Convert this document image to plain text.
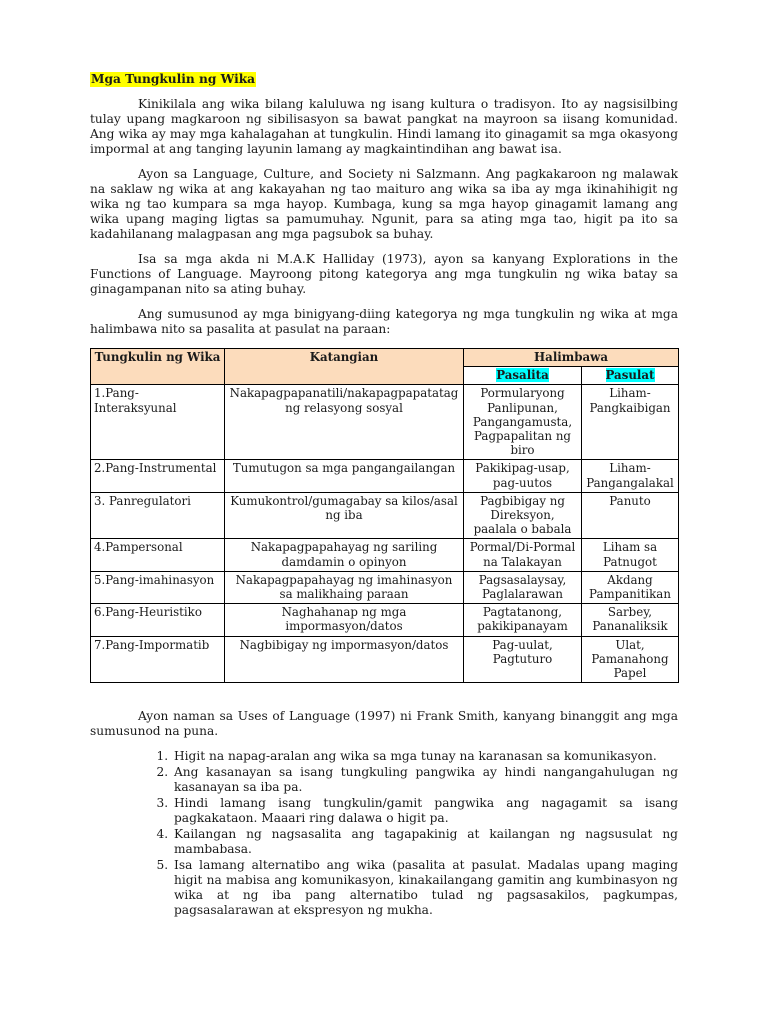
Mga Tungkulin ng Wika

Kinikilala ang wika bilang kaluluwa ng isang kultura o tradisyon. Ito ay nagsisilbing tulay upang magkaroon ng sibilisasyon sa bawat pangkat na mayroon sa iisang komunidad. Ang wika ay may mga kahalagahan at tungkulin. Hindi lamang ito ginagamit sa mga okasyong impormal at ang tanging layunin lamang ay magkaintindihan ang bawat isa.

Ayon sa Language, Culture, and Society ni Salzmann. Ang pagkakaroon ng malawak na saklaw ng wika at ang kakayahan ng tao maituro ang wika sa iba ay mga ikinahihigit ng wika ng tao kumpara sa mga hayop. Kumbaga, kung sa mga hayop ginagamit lamang ang wika upang maging ligtas sa pamumuhay. Ngunit, para sa ating mga tao, higit pa ito sa kadahilanang malagpasan ang mga pagsubok sa buhay.

Isa sa mga akda ni M.A.K Halliday (1973), ayon sa kanyang Explorations in the Functions of Language. Mayroong pitong kategorya ang mga tungkulin ng wika batay sa ginagampanan nito sa ating buhay.

Ang sumusunod ay mga binigyang-diing kategorya ng mga tungkulin ng wika at mga halimbawa nito sa pasalita at pasulat na paraan:

Tungkulin ng Wika	Katangian	Halimbawa	
		Pasalita	Pasulat
1.Pang-Interaksyunal	Nakapagpapanatili/nakapagpapatatag ng relasyong sosyal	Pormularyong Panlipunan, Pangangamusta, Pagpapalitan ng biro	Liham-Pangkaibigan
2.Pang-Instrumental	Tumutugon sa mga pangangailangan	Pakikipag-usap, pag-uutos	Liham-Pangangalakal
3. Panregulatori	Kumukontrol/gumagabay sa kilos/asal ng iba	Pagbibigay ng Direksyon, paalala o babala	Panuto
4.Pampersonal	Nakapagpapahayag ng sariling damdamin o opinyon	Pormal/Di-Pormal na Talakayan	Liham sa Patnugot
5.Pang-imahinasyon	Nakapagpapahayag ng imahinasyon sa malikhaing paraan	Pagsasalaysay, Paglalarawan	Akdang Pampanitikan
6.Pang-Heuristiko	Naghahanap ng mga impormasyon/datos	Pagtatanong, pakikipanayam	Sarbey, Pananaliksik
7.Pang-Impormatib	Nagbibigay ng impormasyon/datos	Pag-uulat, Pagtuturo	Ulat, Pamanahong Papel

Ayon naman sa Uses of Language (1997) ni Frank Smith, kanyang binanggit ang mga sumusunod na puna.

1. Higit na napag-aralan ang wika sa mga tunay na karanasan sa komunikasyon.
2. Ang kasanayan sa isang tungkuling pangwika ay hindi nangangahulugan ng kasanayan sa iba pa.
3. Hindi lamang isang tungkulin/gamit pangwika ang nagagamit sa isang pagkakataon. Maaari ring dalawa o higit pa.
4. Kailangan ng nagsasalita ang tagapakinig at kailangan ng nagsusulat ng mambabasa.
5. Isa lamang alternatibo ang wika (pasalita at pasulat. Madalas upang maging higit na mabisa ang komunikasyon, kinakailangang gamitin ang kumbinasyon ng wika at ng iba pang alternatibo tulad ng pagsasakilos, pagkumpas, pagsasalarawan at ekspresyon ng mukha.
